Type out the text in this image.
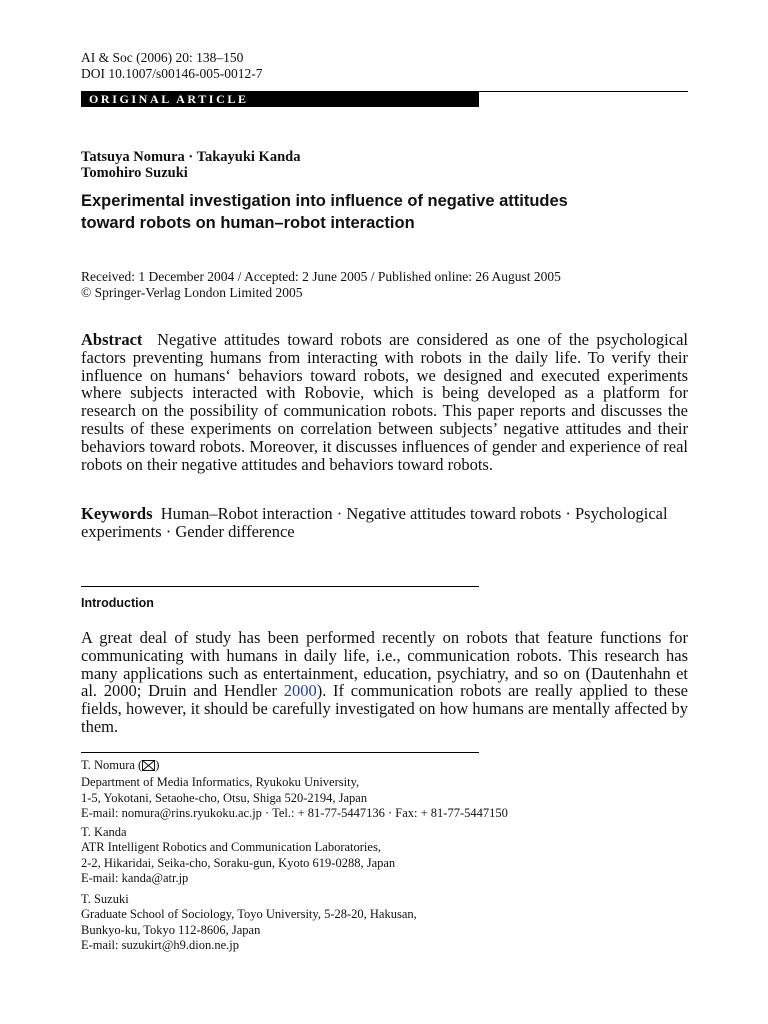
AI & Soc (2006) 20: 138–150
DOI 10.1007/s00146-005-0012-7
ORIGINAL ARTICLE
Tatsuya Nomura · Takayuki Kanda
Tomohiro Suzuki
Experimental investigation into influence of negative attitudes
toward robots on human–robot interaction
Received: 1 December 2004 / Accepted: 2 June 2005 / Published online: 26 August 2005
© Springer-Verlag London Limited 2005
Abstract Negative attitudes toward robots are considered as one of the psychological factors preventing humans from interacting with robots in the daily life. To verify their influence on humans‘ behaviors toward robots, we designed and executed experiments where subjects interacted with Robovie, which is being developed as a platform for research on the possibility of communication robots. This paper reports and discusses the results of these experiments on correlation between subjects’ negative attitudes and their behaviors toward robots. Moreover, it discusses influences of gender and experience of real robots on their negative attitudes and behaviors toward robots.
Keywords Human–Robot interaction · Negative attitudes toward robots · Psychological experiments · Gender difference
Introduction
A great deal of study has been performed recently on robots that feature functions for communicating with humans in daily life, i.e., communication robots. This research has many applications such as entertainment, education, psychiatry, and so on (Dautenhahn et al. 2000; Druin and Hendler 2000). If communication robots are really applied to these fields, however, it should be carefully investigated on how humans are mentally affected by them.
T. Nomura ( )
Department of Media Informatics, Ryukoku University,
1-5, Yokotani, Setaohe-cho, Otsu, Shiga 520-2194, Japan
E-mail: nomura@rins.ryukoku.ac.jp · Tel.: + 81-77-5447136 · Fax: + 81-77-5447150
T. Kanda
ATR Intelligent Robotics and Communication Laboratories,
2-2, Hikaridai, Seika-cho, Soraku-gun, Kyoto 619-0288, Japan
E-mail: kanda@atr.jp
T. Suzuki
Graduate School of Sociology, Toyo University, 5-28-20, Hakusan,
Bunkyo-ku, Tokyo 112-8606, Japan
E-mail: suzukirt@h9.dion.ne.jp
